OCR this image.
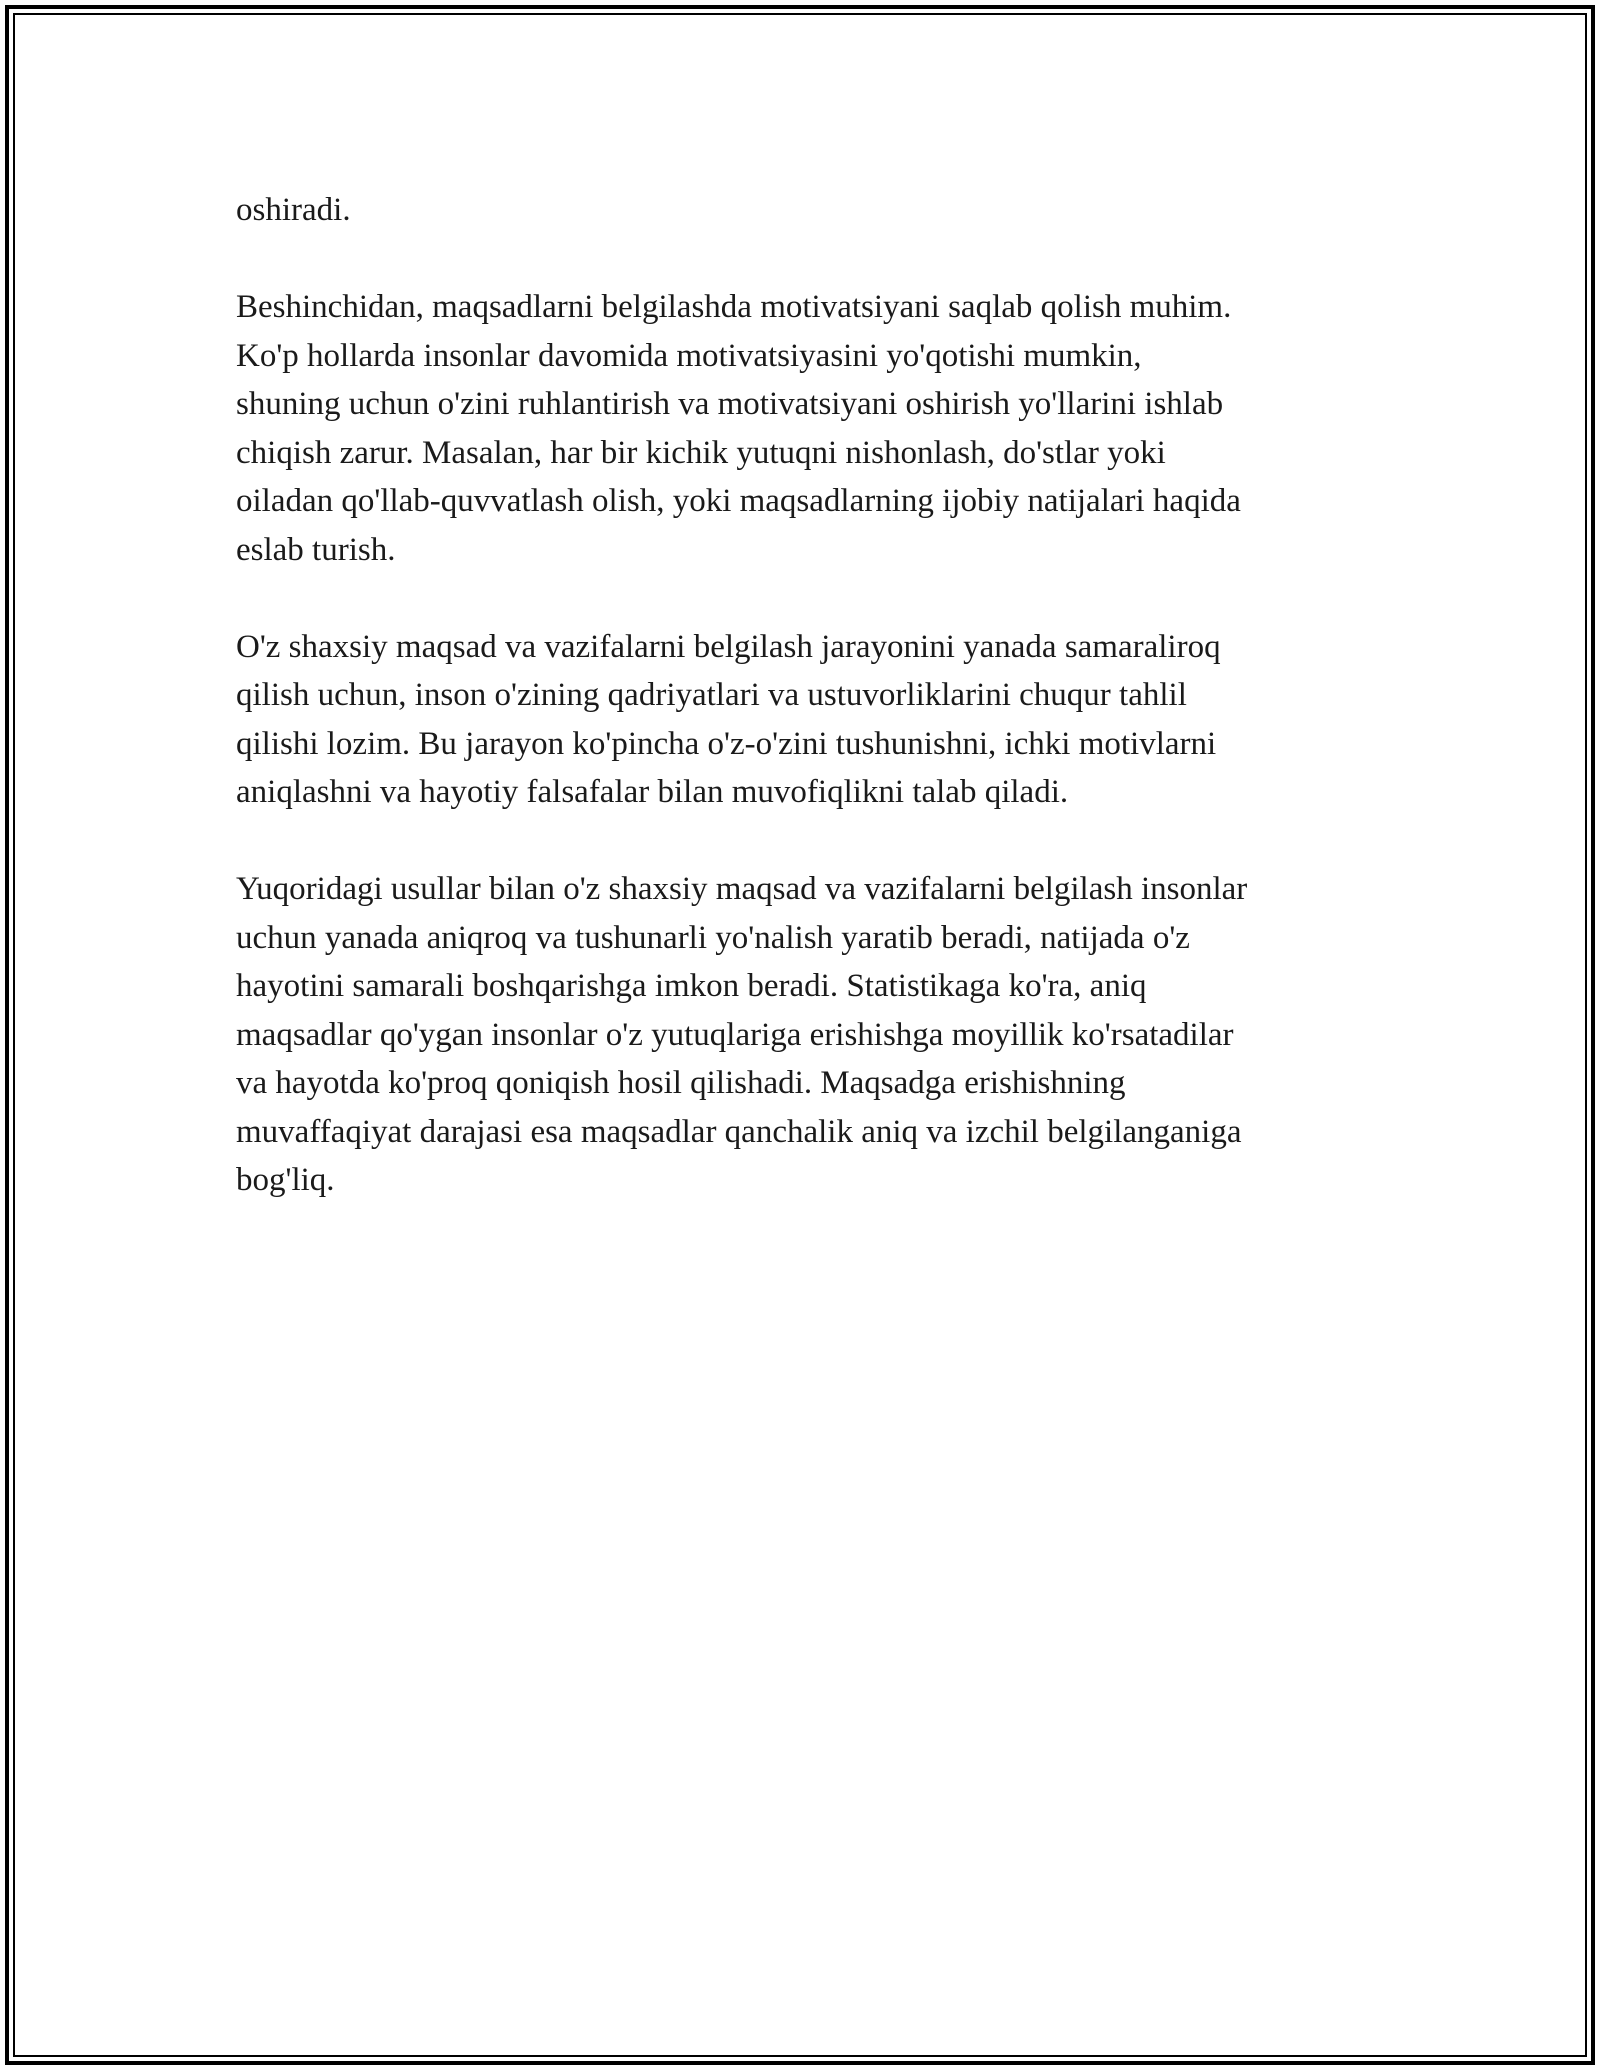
oshiradi.

Beshinchidan, maqsadlarni belgilashda motivatsiyani saqlab qolish muhim.
Ko'p hollarda insonlar davomida motivatsiyasini yo'qotishi mumkin,
shuning uchun o'zini ruhlantirish va motivatsiyani oshirish yo'llarini ishlab
chiqish zarur. Masalan, har bir kichik yutuqni nishonlash, do'stlar yoki
oiladan qo'llab-quvvatlash olish, yoki maqsadlarning ijobiy natijalari haqida
eslab turish.

O'z shaxsiy maqsad va vazifalarni belgilash jarayonini yanada samaraliroq
qilish uchun, inson o'zining qadriyatlari va ustuvorliklarini chuqur tahlil
qilishi lozim. Bu jarayon ko'pincha o'z-o'zini tushunishni, ichki motivlarni
aniqlashni va hayotiy falsafalar bilan muvofiqlikni talab qiladi.

Yuqoridagi usullar bilan o'z shaxsiy maqsad va vazifalarni belgilash insonlar
uchun yanada aniqroq va tushunarli yo'nalish yaratib beradi, natijada o'z
hayotini samarali boshqarishga imkon beradi. Statistikaga ko'ra, aniq
maqsadlar qo'ygan insonlar o'z yutuqlariga erishishga moyillik ko'rsatadilar
va hayotda ko'proq qoniqish hosil qilishadi. Maqsadga erishishning
muvaffaqiyat darajasi esa maqsadlar qanchalik aniq va izchil belgilanganiga
bog'liq.
